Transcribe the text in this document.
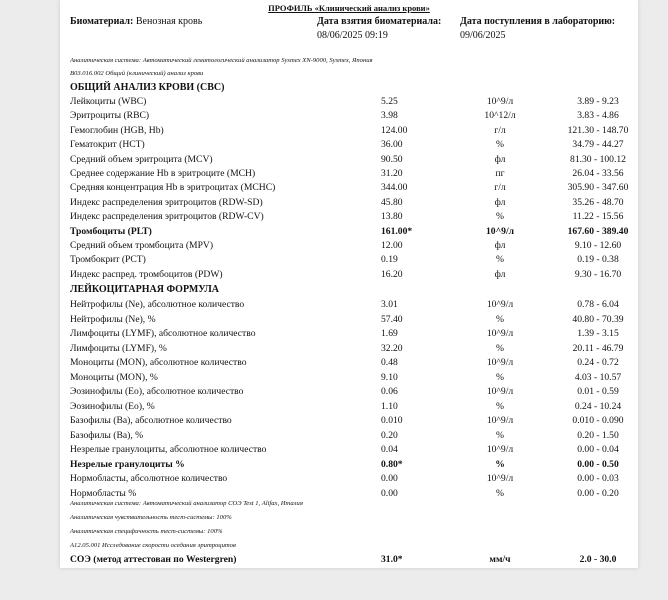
ПРОФИЛЬ «Клинический анализ крови»
Биоматериал: Венозная кровь	Дата взятия биоматериала:
08/06/2025 09:19
Дата поступления в лабораторию:
09/06/2025
Аналитическая система: Автоматический гематологический анализатор Sysmex XN-9000, Sysmex, Япония
B03.016.002 Общий (клинический) анализ крови
ОБЩИЙ АНАЛИЗ КРОВИ (CBC)
Лейкоциты (WBC)	5.25	10^9/л	3.89 - 9.23
Эритроциты (RBC)	3.98	10^12/л	3.83 - 4.86
Гемоглобин (HGB, Hb)	124.00	г/л	121.30 - 148.70
Гематокрит (HCT)	36.00	%	34.79 - 44.27
Средний объем эритроцита (MCV)	90.50	фл	81.30 - 100.12
Среднее содержание Hb в эритроците (MCH)	31.20	пг	26.04 - 33.56
Средняя концентрация Hb в эритроцитах (MCHC)	344.00	г/л	305.90 - 347.60
Индекс распределения эритроцитов (RDW-SD)	45.80	фл	35.26 - 48.70
Индекс распределения эритроцитов (RDW-CV)	13.80	%	11.22 - 15.56
Тромбоциты (PLT)	161.00*	10^9/л	167.60 - 389.40
Средний объем тромбоцита (MPV)	12.00	фл	9.10 - 12.60
Тромбокрит (PCT)	0.19	%	0.19 - 0.38
Индекс распред. тромбоцитов (PDW)	16.20	фл	9.30 - 16.70
ЛЕЙКОЦИТАРНАЯ ФОРМУЛА
Нейтрофилы (Ne), абсолютное количество	3.01	10^9/л	0.78 - 6.04
Нейтрофилы (Ne), %	57.40	%	40.80 - 70.39
Лимфоциты (LYMF), абсолютное количество	1.69	10^9/л	1.39 - 3.15
Лимфоциты (LYMF), %	32.20	%	20.11 - 46.79
Моноциты (MON), абсолютное количество	0.48	10^9/л	0.24 - 0.72
Моноциты (MON), %	9.10	%	4.03 - 10.57
Эозинофилы (Eo), абсолютное количество	0.06	10^9/л	0.01 - 0.59
Эозинофилы (Eo), %	1.10	%	0.24 - 10.24
Базофилы (Ba), абсолютное количество	0.010	10^9/л	0.010 - 0.090
Базофилы (Ba), %	0.20	%	0.20 - 1.50
Незрелые гранулоциты, абсолютное количество	0.04	10^9/л	0.00 - 0.04
Незрелые гранулоциты %	0.80*	%	0.00 - 0.50
Нормобласты, абсолютное количество	0.00	10^9/л	0.00 - 0.03
Нормобласты %	0.00	%	0.00 - 0.20
Аналитическая система: Автоматический анализатор СОЭ Test 1, Alifax, Италия
Аналитическая чувствительность тест-системы: 100%
Аналитическая специфичность тест-системы: 100%
A12.05.001 Исследование скорости оседания эритроцитов
СОЭ (метод аттестован по Westergren)	31.0*	мм/ч	2.0 - 30.0
